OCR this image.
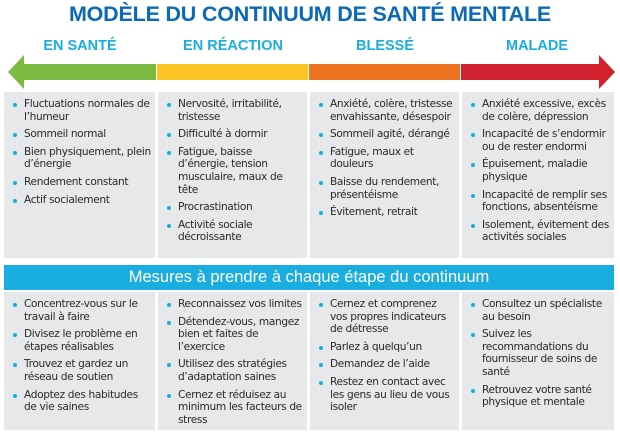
MODÈLE DU CONTINUUM DE SANTÉ MENTALE
EN SANTÉ	EN RÉACTION	BLESSÉ	MALADE
Fluctuations normales de l’humeur
Sommeil normal
Bien physiquement, plein d’énergie
Rendement constant
Actif socialement
Nervosité, irritabilité, tristesse
Difficulté à dormir
Fatigue, baisse d’énergie, tension musculaire, maux de tête
Procrastination
Activité sociale décroissante
Anxiété, colère, tristesse envahissante, désespoir
Sommeil agité, dérangé
Fatigue, maux et douleurs
Baisse du rendement, présentéisme
Évitement, retrait
Anxiété excessive, excès de colère, dépression
Incapacité de s’endormir ou de rester endormi
Épuisement, maladie physique
Incapacité de remplir ses fonctions, absentéisme
Isolement, évitement des activités sociales
Mesures à prendre à chaque étape du continuum
Concentrez-vous sur le travail à faire
Divisez le problème en étapes réalisables
Trouvez et gardez un réseau de soutien
Adoptez des habitudes de vie saines
Reconnaissez vos limites
Détendez-vous, mangez bien et faites de l’exercice
Utilisez des stratégies d’adaptation saines
Cernez et réduisez au minimum les facteurs de stress
Cernez et comprenez vos propres indicateurs de détresse
Parlez à quelqu’un
Demandez de l’aide
Restez en contact avec les gens au lieu de vous isoler
Consultez un spécialiste au besoin
Suivez les recommandations du fournisseur de soins de santé
Retrouvez votre santé physique et mentale
